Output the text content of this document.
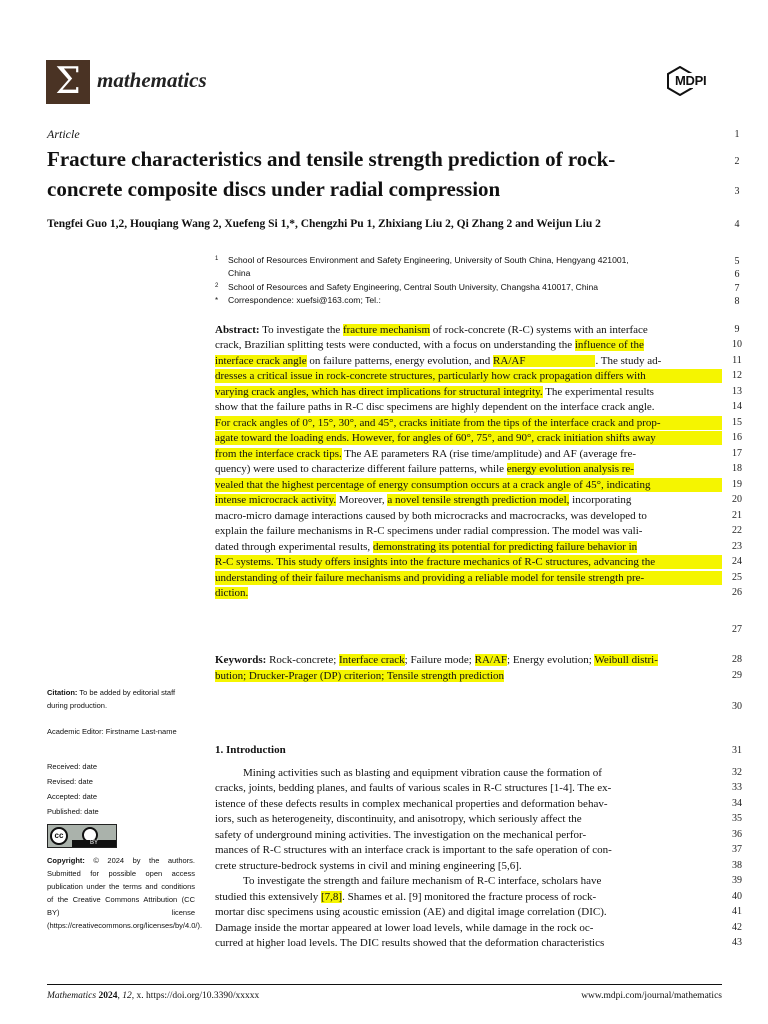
Σ mathematics	MDPI
Article
Fracture characteristics and tensile strength prediction of rock-
concrete composite discs under radial compression
Tengfei Guo 1,2, Houqiang Wang 2, Xuefeng Si 1,*, Chengzhi Pu 1, Zhixiang Liu 2, Qi Zhang 2 and Weijun Liu 2
1 School of Resources Environment and Safety Engineering, University of South China, Hengyang 421001,
China
2 School of Resources and Safety Engineering, Central South University, Changsha 410017, China
* Correspondence: xuefsi@163.com; Tel.:
Abstract: To investigate the fracture mechanism of rock-concrete (R-C) systems with an interface
crack, Brazilian splitting tests were conducted, with a focus on understanding the influence of the
interface crack angle on failure patterns, energy evolution, and RA/AF	. The study ad-
dresses a critical issue in rock-concrete structures, particularly how crack propagation differs with
varying crack angles, which has direct implications for structural integrity. The experimental results
show that the failure paths in R-C disc specimens are highly dependent on the interface crack angle.
For crack angles of 0°, 15°, 30°, and 45°, cracks initiate from the tips of the interface crack and prop-
agate toward the loading ends. However, for angles of 60°, 75°, and 90°, crack initiation shifts away
from the interface crack tips. The AE parameters RA (rise time/amplitude) and AF (average fre-
quency) were used to characterize different failure patterns, while energy evolution analysis re-
vealed that the highest percentage of energy consumption occurs at a crack angle of 45°, indicating
intense microcrack activity. Moreover, a novel tensile strength prediction model, incorporating
macro-micro damage interactions caused by both microcracks and macrocracks, was developed to
explain the failure mechanisms in R-C specimens under radial compression. The model was vali-
dated through experimental results, demonstrating its potential for predicting failure behavior in
R-C systems. This study offers insights into the fracture mechanics of R-C structures, advancing the
understanding of their failure mechanisms and providing a reliable model for tensile strength pre-
diction.
Keywords: Rock-concrete; Interface crack; Failure mode; RA/AF; Energy evolution; Weibull distri-
bution; Drucker-Prager (DP) criterion; Tensile strength prediction
Citation: To be added by editorial staff during production.
Academic Editor: Firstname Last-name
Received: date
Revised: date
Accepted: date
Published: date
cc
BY
Copyright: © 2024 by the authors. Submitted for possible open access publication under the terms and conditions of the Creative Commons Attribution (CC BY) license (https://creativecommons.org/licenses/by/4.0/).
1. Introduction
Mining activities such as blasting and equipment vibration cause the formation of
cracks, joints, bedding planes, and faults of various scales in R-C structures [1-4]. The ex-
istence of these defects results in complex mechanical properties and deformation behav-
iors, such as heterogeneity, discontinuity, and anisotropy, which seriously affect the
safety of underground mining activities. The investigation on the mechanical perfor-
mances of R-C structures with an interface crack is important to the safe operation of con-
crete structure-bedrock systems in civil and mining engineering [5,6].
To investigate the strength and failure mechanism of R-C interface, scholars have
studied this extensively [7,8]. Shames et al. [9] monitored the fracture process of rock-
mortar disc specimens using acoustic emission (AE) and digital image correlation (DIC).
Damage inside the mortar appeared at lower load levels, while damage in the rock oc-
curred at higher load levels. The DIC results showed that the deformation characteristics
1
2
3
4
5
6
7
8
9
10
11
12
13
14
15
16
17
18
19
20
21
22
23
24
25
26
27
28
29
30
31
32
33
34
35
36
37
38
39
40
41
42
43
Mathematics 2024, 12, x. https://doi.org/10.3390/xxxxx	www.mdpi.com/journal/mathematics
